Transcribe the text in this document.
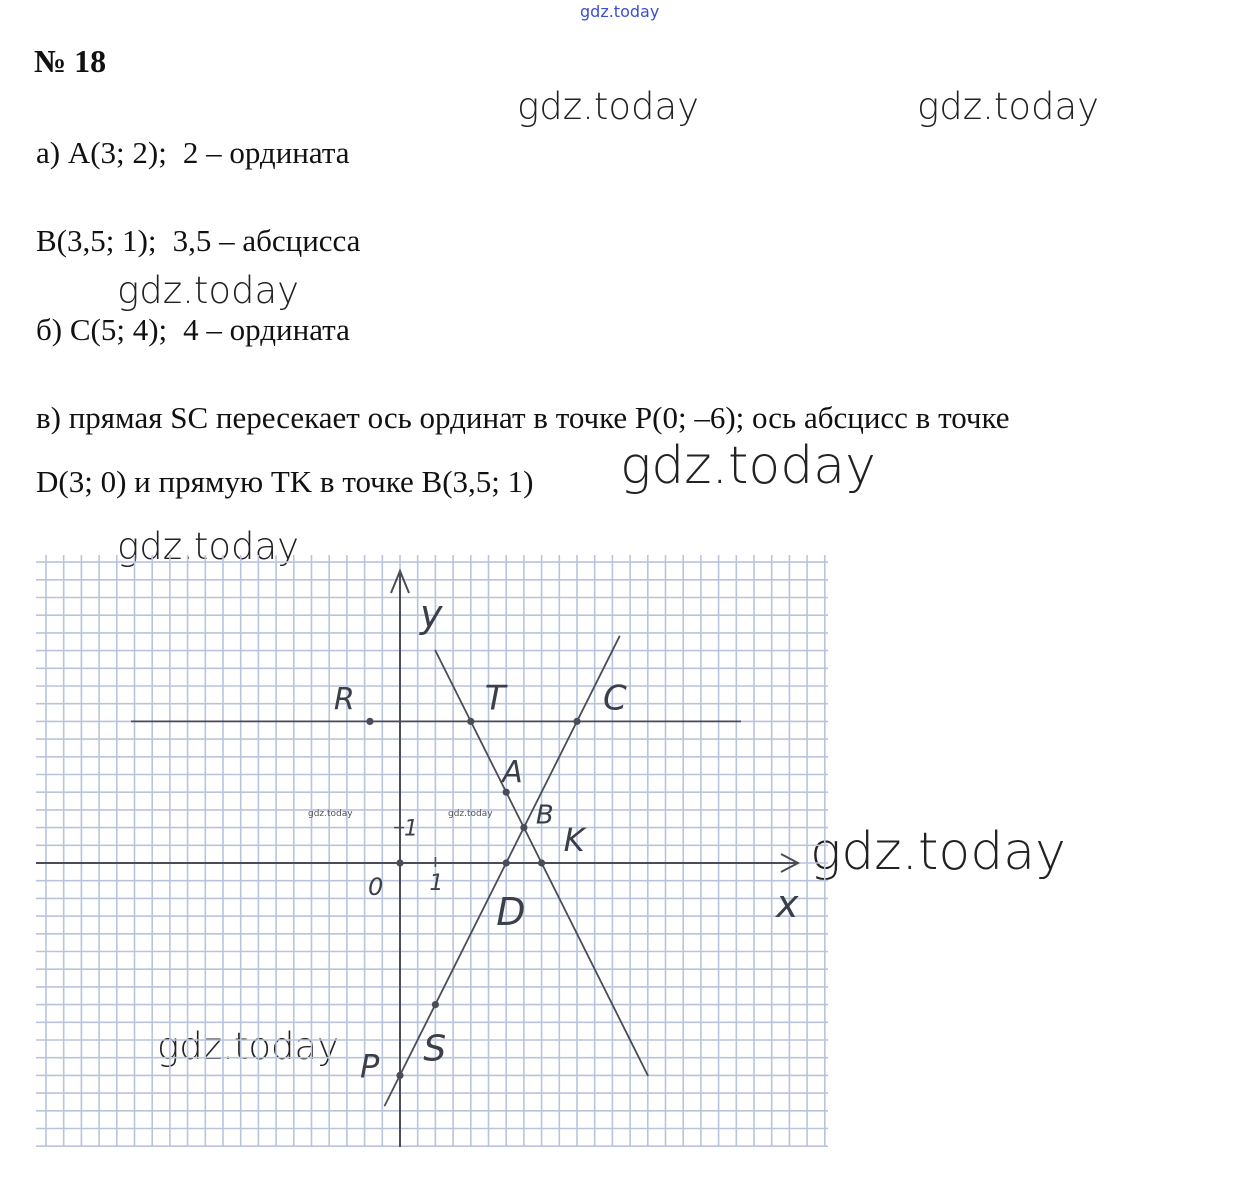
gdz.today
gdz.today	gdz.today
gdz.today
gdz.today
gdz.today
gdz.today
gdz.today
№ 18
а) A(3; 2); 2 – ордината
B(3,5; 1); 3,5 – абсцисса
б) C(5; 4); 4 – ордината
в) прямая SC пересекает ось ординат в точке P(0; –6); ось абсцисс в точке
D(3; 0) и прямую TK в точке B(3,5; 1)
y
x
0 1
1
R	T	C
A
B
K
D
S
P
gdz.today	gdz.today
